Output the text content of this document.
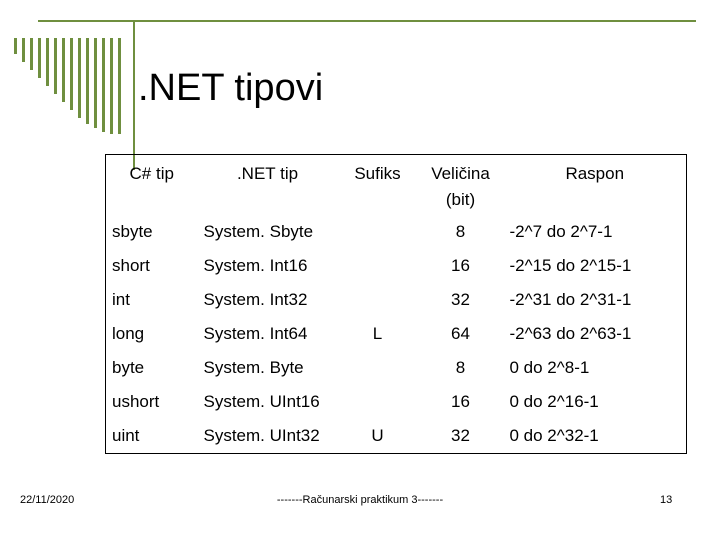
.NET tipovi
C# tip	.NET tip	Sufiks	Veličina (bit)	Raspon
sbyte	System. Sbyte		8	-2^7 do 2^7-1
short	System. Int16		16	-2^15 do 2^15-1
int	System. Int32		32	-2^31 do 2^31-1
long	System. Int64	L	64	-2^63 do 2^63-1
byte	System. Byte		8	0 do 2^8-1
ushort	System. UInt16		16	0 do 2^16-1
uint	System. UInt32	U	32	0 do 2^32-1
22/11/2020	-------Računarski praktikum 3-------	13
